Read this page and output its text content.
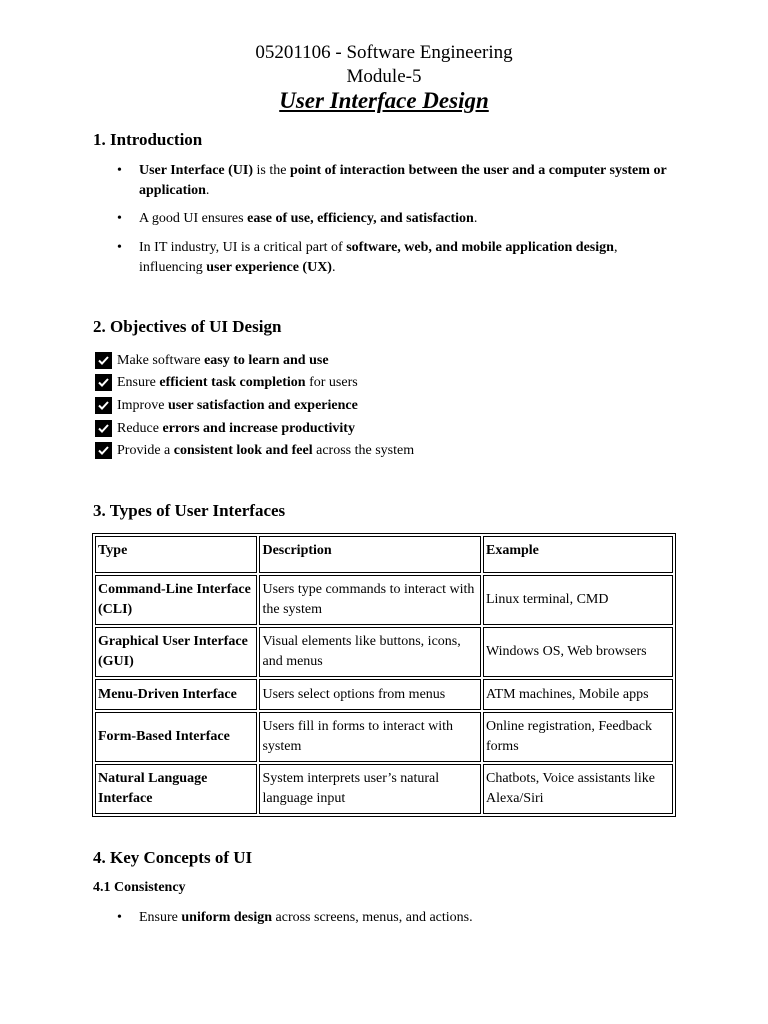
05201106 - Software Engineering
Module-5
User Interface Design
1. Introduction
• User Interface (UI) is the point of interaction between the user and a computer system or application.
• A good UI ensures ease of use, efficiency, and satisfaction.
• In IT industry, UI is a critical part of software, web, and mobile application design, influencing user experience (UX).
2. Objectives of UI Design
Make software easy to learn and use
Ensure efficient task completion for users
Improve user satisfaction and experience
Reduce errors and increase productivity
Provide a consistent look and feel across the system
3. Types of User Interfaces
Type	Description	Example
Command-Line Interface (CLI)	Users type commands to interact with the system	Linux terminal, CMD
Graphical User Interface (GUI)	Visual elements like buttons, icons, and menus	Windows OS, Web browsers
Menu-Driven Interface	Users select options from menus	ATM machines, Mobile apps
Form-Based Interface	Users fill in forms to interact with system	Online registration, Feedback forms
Natural Language Interface	System interprets user’s natural language input	Chatbots, Voice assistants like Alexa/Siri
4. Key Concepts of UI
4.1 Consistency
• Ensure uniform design across screens, menus, and actions.
